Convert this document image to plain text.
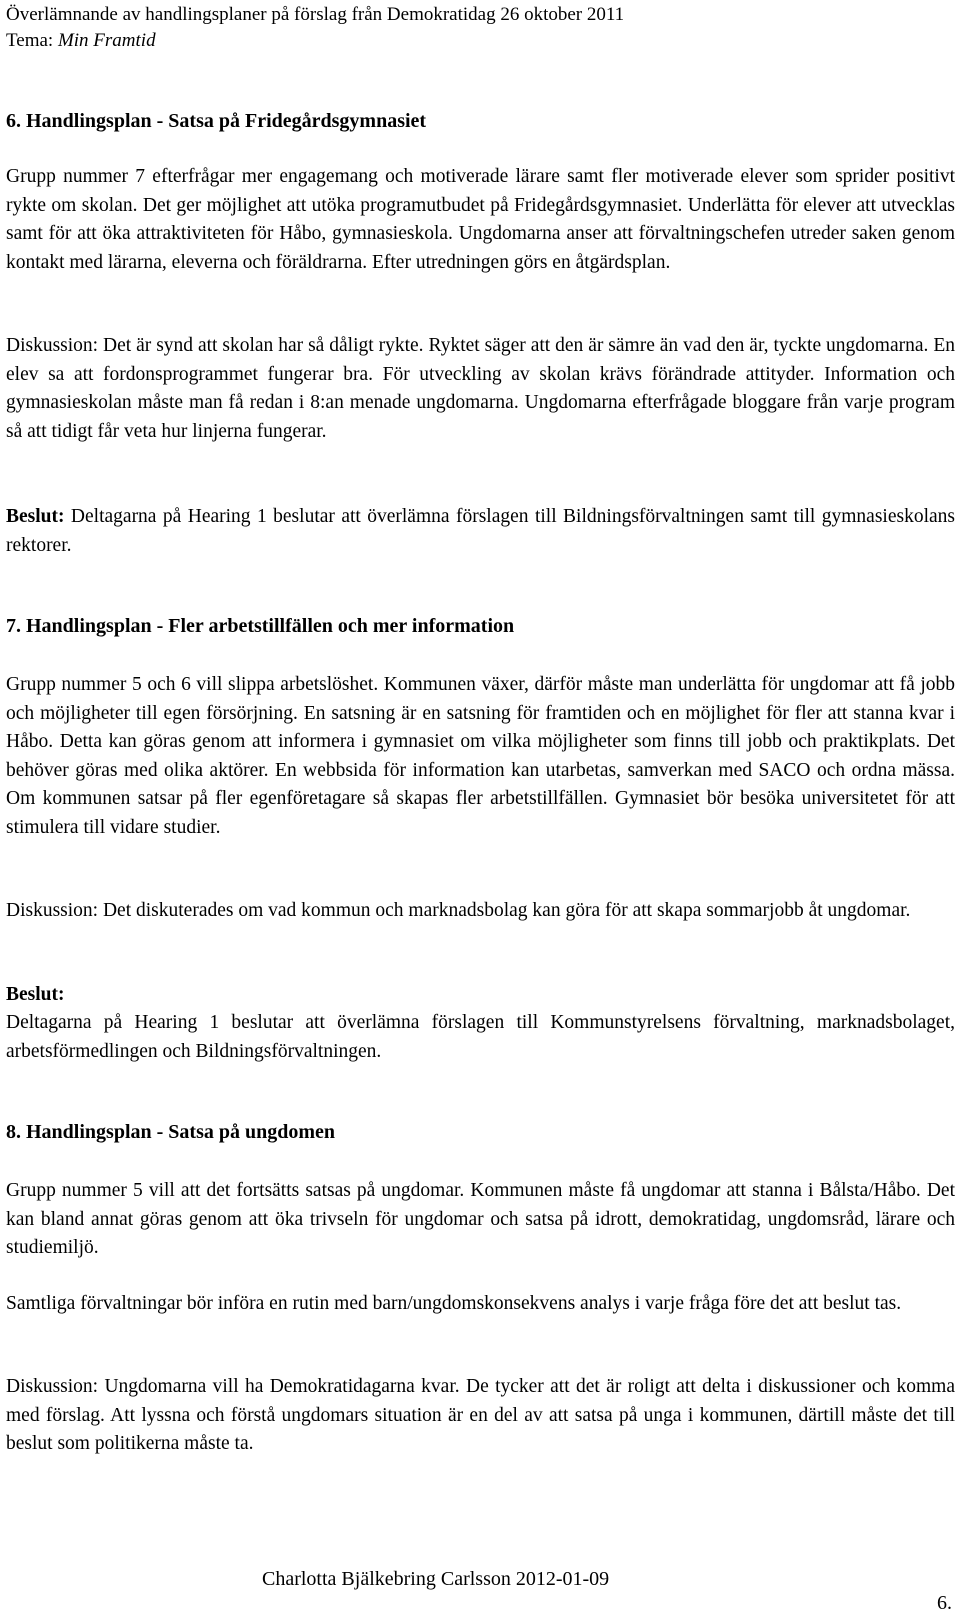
Överlämnande av handlingsplaner på förslag från Demokratidag 26 oktober 2011
Tema: Min Framtid
6. Handlingsplan - Satsa på Fridegårdsgymnasiet
Grupp nummer 7 efterfrågar mer engagemang och motiverade lärare samt fler motiverade elever som sprider positivt rykte om skolan. Det ger möjlighet att utöka programutbudet på Fridegårdsgymnasiet. Underlätta för elever att utvecklas samt för att öka attraktiviteten för Håbo, gymnasieskola. Ungdomarna anser att förvaltningschefen utreder saken genom kontakt med lärarna, eleverna och föräldrarna. Efter utredningen görs en åtgärdsplan.
Diskussion: Det är synd att skolan har så dåligt rykte. Ryktet säger att den är sämre än vad den är, tyckte ungdomarna. En elev sa att fordonsprogrammet fungerar bra. För utveckling av skolan krävs förändrade attityder. Information och gymnasieskolan måste man få redan i 8:an menade ungdomarna. Ungdomarna efterfrågade bloggare från varje program så att tidigt får veta hur linjerna fungerar.
Beslut: Deltagarna på Hearing 1 beslutar att överlämna förslagen till Bildningsförvaltningen samt till gymnasieskolans rektorer.
7. Handlingsplan - Fler arbetstillfällen och mer information
Grupp nummer 5 och 6 vill slippa arbetslöshet. Kommunen växer, därför måste man underlätta för ungdomar att få jobb och möjligheter till egen försörjning. En satsning är en satsning för framtiden och en möjlighet för fler att stanna kvar i Håbo. Detta kan göras genom att informera i gymnasiet om vilka möjligheter som finns till jobb och praktikplats. Det behöver göras med olika aktörer. En webbsida för information kan utarbetas, samverkan med SACO och ordna mässa. Om kommunen satsar på fler egenföretagare så skapas fler arbetstillfällen. Gymnasiet bör besöka universitetet för att stimulera till vidare studier.
Diskussion: Det diskuterades om vad kommun och marknadsbolag kan göra för att skapa sommarjobb åt ungdomar.
Beslut:
Deltagarna på Hearing 1 beslutar att överlämna förslagen till Kommunstyrelsens förvaltning, marknadsbolaget, arbetsförmedlingen och Bildningsförvaltningen.
8. Handlingsplan - Satsa på ungdomen
Grupp nummer 5 vill att det fortsätts satsas på ungdomar. Kommunen måste få ungdomar att stanna i Bålsta/Håbo. Det kan bland annat göras genom att öka trivseln för ungdomar och satsa på idrott, demokratidag, ungdomsråd, lärare och studiemiljö.
Samtliga förvaltningar bör införa en rutin med barn/ungdomskonsekvens analys i varje fråga före det att beslut tas.
Diskussion: Ungdomarna vill ha Demokratidagarna kvar. De tycker att det är roligt att delta i diskussioner och komma med förslag. Att lyssna och förstå ungdomars situation är en del av att satsa på unga i kommunen, därtill måste det till beslut som politikerna måste ta.
Charlotta Bjälkebring Carlsson 2012-01-09
6.
